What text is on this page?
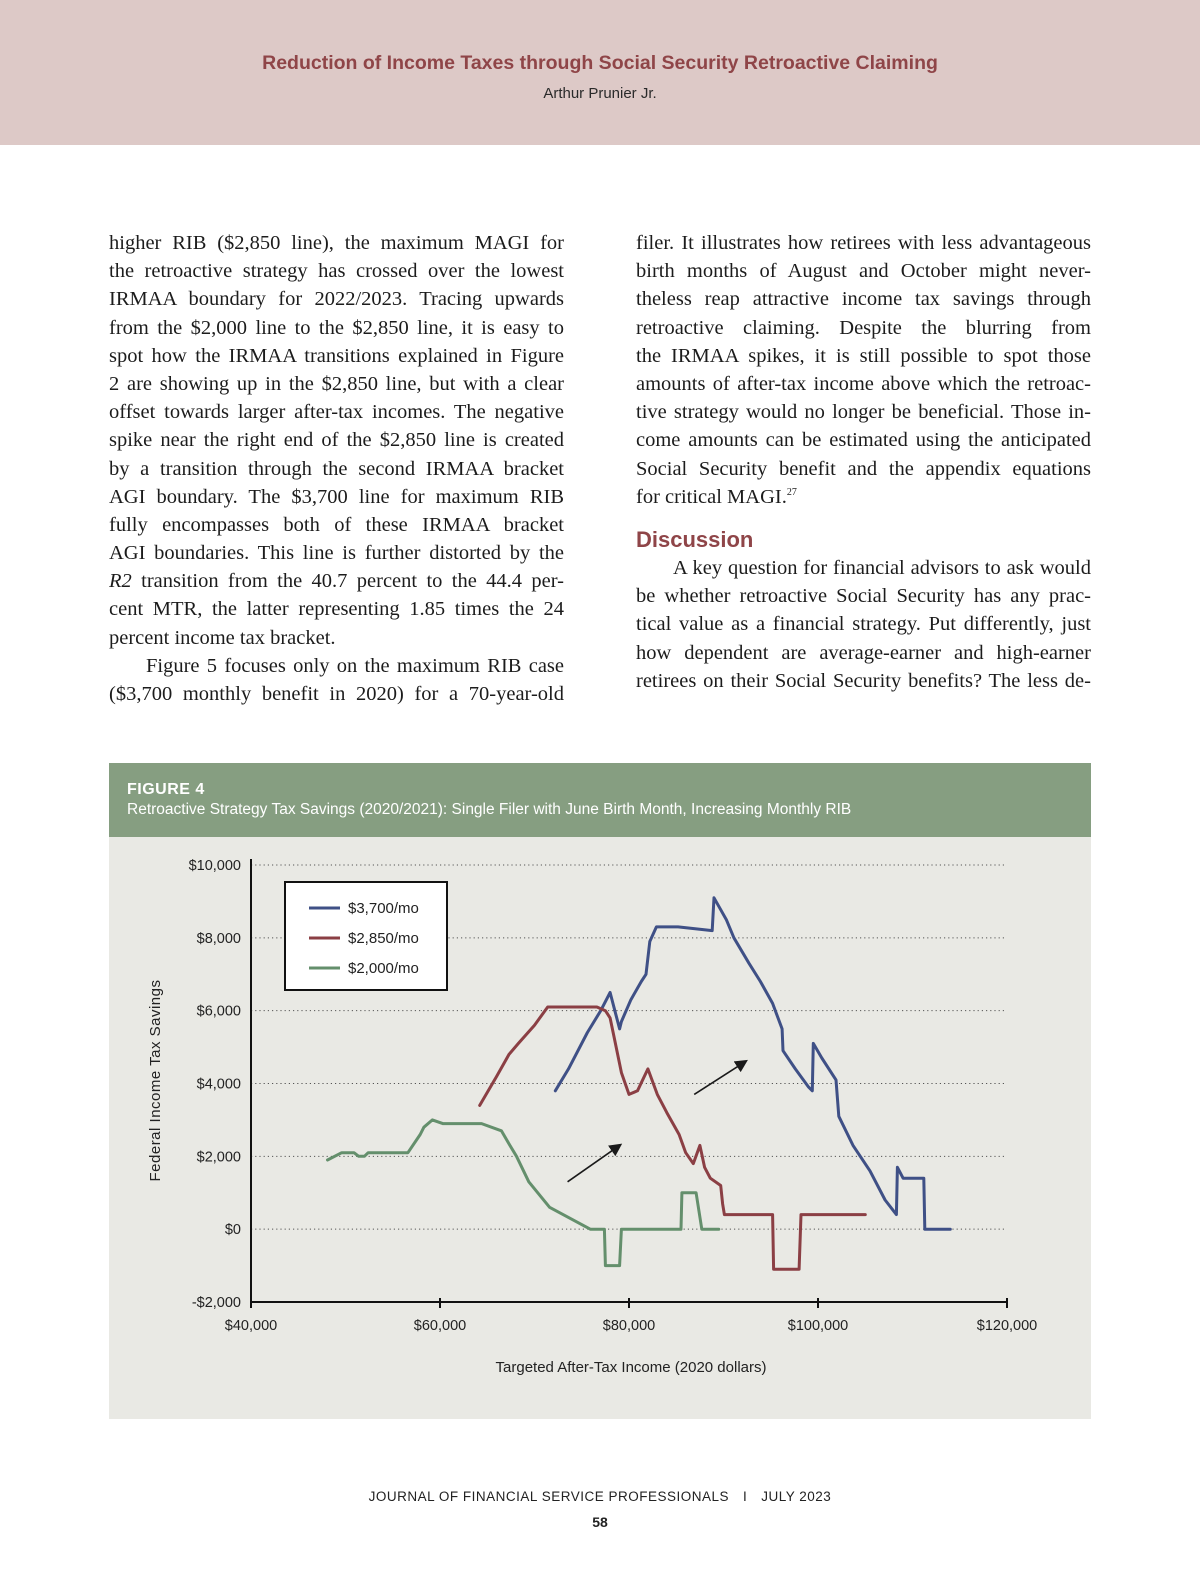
Reduction of Income Taxes through Social Security Retroactive Claiming
Arthur Prunier Jr.
higher RIB ($2,850 line), the maximum MAGI for
the retroactive strategy has crossed over the lowest
IRMAA boundary for 2022/2023. Tracing upwards
from the $2,000 line to the $2,850 line, it is easy to
spot how the IRMAA transitions explained in Figure
2 are showing up in the $2,850 line, but with a clear
offset towards larger after-tax incomes. The negative
spike near the right end of the $2,850 line is created
by a transition through the second IRMAA bracket
AGI boundary. The $3,700 line for maximum RIB
fully encompasses both of these IRMAA bracket
AGI boundaries. This line is further distorted by the
R2 transition from the 40.7 percent to the 44.4 per-
cent MTR, the latter representing 1.85 times the 24
percent income tax bracket.
Figure 5 focuses only on the maximum RIB case
($3,700 monthly benefit in 2020) for a 70-year-old
filer. It illustrates how retirees with less advantageous
birth months of August and October might never-
theless reap attractive income tax savings through
retroactive claiming. Despite the blurring from
the IRMAA spikes, it is still possible to spot those
amounts of after-tax income above which the retroac-
tive strategy would no longer be beneficial. Those in-
come amounts can be estimated using the anticipated
Social Security benefit and the appendix equations
for critical MAGI.$^{27}$
Discussion
A key question for financial advisors to ask would
be whether retroactive Social Security has any prac-
tical value as a financial strategy. Put differently, just
how dependent are average-earner and high-earner
retirees on their Social Security benefits? The less de-
FIGURE 4
Retroactive Strategy Tax Savings (2020/2021): Single Filer with June Birth Month, Increasing Monthly RIB
$10,000
$8,000
$6,000
$4,000
$2,000
$0
-$2,000
$40,000	$60,000	$80,000	$100,000	$120,000
Targeted After-Tax Income (2020 dollars)
Federal Income Tax Savings
$3,700/mo
$2,850/mo
$2,000/mo
JOURNAL OF FINANCIAL SERVICE PROFESSIONALS I JULY 2023
58
